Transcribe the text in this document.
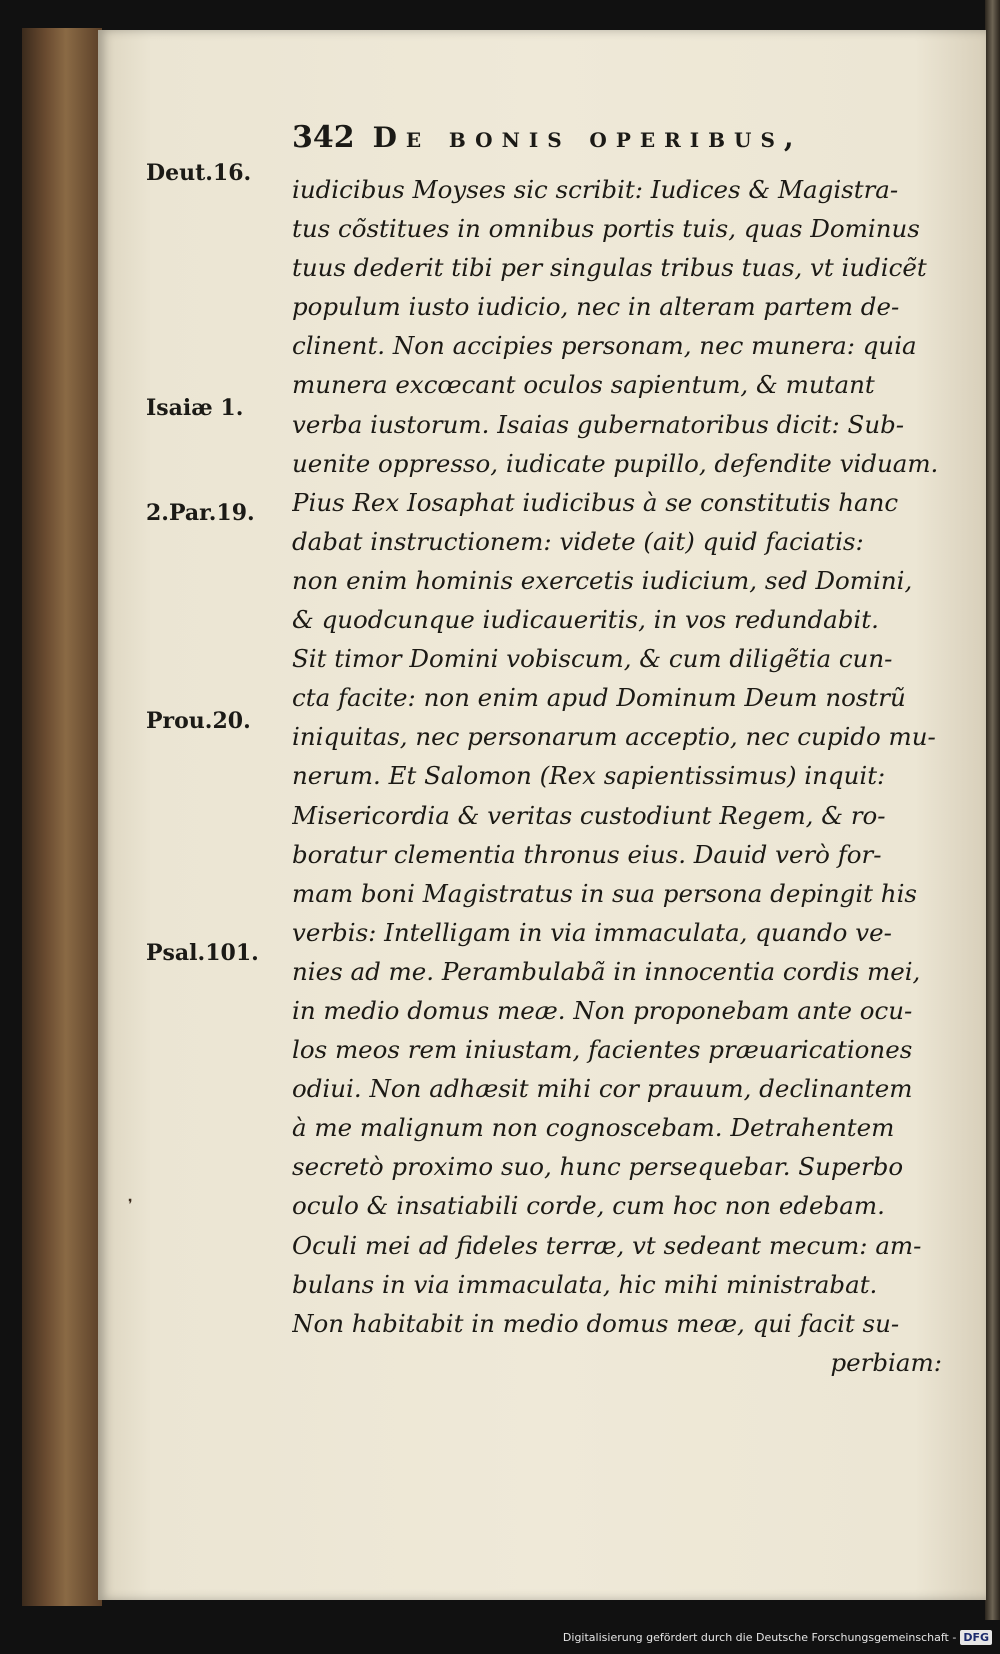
342 De bonis operibus,
Deut.16.
Isaiæ 1.
2.Par.19.
Prou.20.
Psal.101.
iudicibus Moyses sic scribit: Iudices & Magistra-
tus cõstitues in omnibus portis tuis, quas Dominus
tuus dederit tibi per singulas tribus tuas, vt iudicẽt
populum iusto iudicio, nec in alteram partem de-
clinent. Non accipies personam, nec munera: quia
munera excœcant oculos sapientum, & mutant
verba iustorum. Isaias gubernatoribus dicit: Sub-
uenite oppresso, iudicate pupillo, defendite viduam.
Pius Rex Iosaphat iudicibus à se constitutis hanc
dabat instructionem: videte (ait) quid faciatis:
non enim hominis exercetis iudicium, sed Domini,
& quodcunque iudicaueritis, in vos redundabit.
Sit timor Domini vobiscum, & cum diligẽtia cun-
cta facite: non enim apud Dominum Deum nostrũ
iniquitas, nec personarum acceptio, nec cupido mu-
nerum. Et Salomon (Rex sapientissimus) inquit:
Misericordia & veritas custodiunt Regem, & ro-
boratur clementia thronus eius. Dauid verò for-
mam boni Magistratus in sua persona depingit his
verbis: Intelligam in via immaculata, quando ve-
nies ad me. Perambulabã in innocentia cordis mei,
in medio domus meæ. Non proponebam ante ocu-
los meos rem iniustam, facientes præuaricationes
odiui. Non adhæsit mihi cor prauum, declinantem
à me malignum non cognoscebam. Detrahentem
secretò proximo suo, hunc persequebar. Superbo
oculo & insatiabili corde, cum hoc non edebam.
Oculi mei ad fideles terræ, vt sedeant mecum: am-
bulans in via immaculata, hic mihi ministrabat.
Non habitabit in medio domus meæ, qui facit su-
perbiam:
❜
Digitalisierung gefördert durch die Deutsche Forschungsgemeinschaft - DFG
